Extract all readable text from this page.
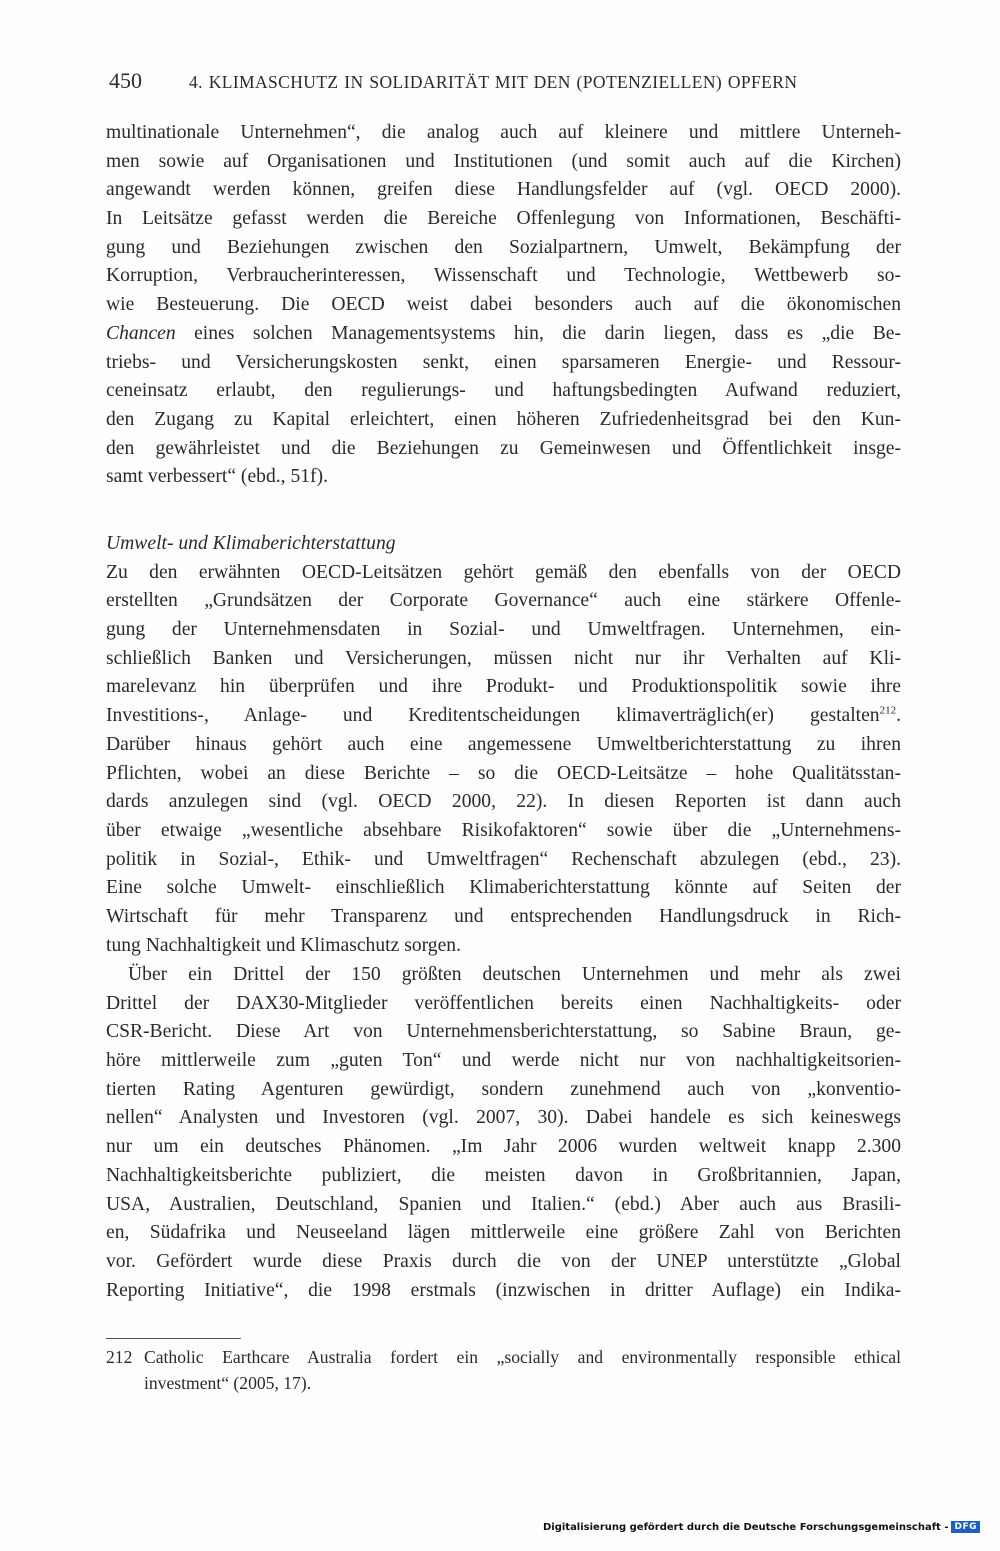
450	4. KLIMASCHUTZ IN SOLIDARITÄT MIT DEN (POTENZIELLEN) OPFERN
multinationale Unternehmen“, die analog auch auf kleinere und mittlere Unterneh-
men sowie auf Organisationen und Institutionen (und somit auch auf die Kirchen)
angewandt werden können, greifen diese Handlungsfelder auf (vgl. OECD 2000).
In Leitsätze gefasst werden die Bereiche Offenlegung von Informationen, Beschäfti-
gung und Beziehungen zwischen den Sozialpartnern, Umwelt, Bekämpfung der
Korruption, Verbraucherinteressen, Wissenschaft und Technologie, Wettbewerb so-
wie Besteuerung. Die OECD weist dabei besonders auch auf die ökonomischen
Chancen eines solchen Managementsystems hin, die darin liegen, dass es „die Be-
triebs- und Versicherungskosten senkt, einen sparsameren Energie- und Ressour-
ceneinsatz erlaubt, den regulierungs- und haftungsbedingten Aufwand reduziert,
den Zugang zu Kapital erleichtert, einen höheren Zufriedenheitsgrad bei den Kun-
den gewährleistet und die Beziehungen zu Gemeinwesen und Öffentlichkeit insge-
samt verbessert“ (ebd., 51f).
Umwelt- und Klimaberichterstattung
Zu den erwähnten OECD-Leitsätzen gehört gemäß den ebenfalls von der OECD
erstellten „Grundsätzen der Corporate Governance“ auch eine stärkere Offenle-
gung der Unternehmensdaten in Sozial- und Umweltfragen. Unternehmen, ein-
schließlich Banken und Versicherungen, müssen nicht nur ihr Verhalten auf Kli-
marelevanz hin überprüfen und ihre Produkt- und Produktionspolitik sowie ihre
Investitions-, Anlage- und Kreditentscheidungen klimaverträglich(er) gestalten$^{212}$.
Darüber hinaus gehört auch eine angemessene Umweltberichterstattung zu ihren
Pflichten, wobei an diese Berichte – so die OECD-Leitsätze – hohe Qualitätsstan-
dards anzulegen sind (vgl. OECD 2000, 22). In diesen Reporten ist dann auch
über etwaige „wesentliche absehbare Risikofaktoren“ sowie über die „Unternehmens-
politik in Sozial-, Ethik- und Umweltfragen“ Rechenschaft abzulegen (ebd., 23).
Eine solche Umwelt- einschließlich Klimaberichterstattung könnte auf Seiten der
Wirtschaft für mehr Transparenz und entsprechenden Handlungsdruck in Rich-
tung Nachhaltigkeit und Klimaschutz sorgen.
Über ein Drittel der 150 größten deutschen Unternehmen und mehr als zwei
Drittel der DAX30-Mitglieder veröffentlichen bereits einen Nachhaltigkeits- oder
CSR-Bericht. Diese Art von Unternehmensberichterstattung, so Sabine Braun, ge-
höre mittlerweile zum „guten Ton“ und werde nicht nur von nachhaltigkeitsorien-
tierten Rating Agenturen gewürdigt, sondern zunehmend auch von „konventio-
nellen“ Analysten und Investoren (vgl. 2007, 30). Dabei handele es sich keineswegs
nur um ein deutsches Phänomen. „Im Jahr 2006 wurden weltweit knapp 2.300
Nachhaltigkeitsberichte publiziert, die meisten davon in Großbritannien, Japan,
USA, Australien, Deutschland, Spanien und Italien.“ (ebd.) Aber auch aus Brasili-
en, Südafrika und Neuseeland lägen mittlerweile eine größere Zahl von Berichten
vor. Gefördert wurde diese Praxis durch die von der UNEP unterstützte „Global
Reporting Initiative“, die 1998 erstmals (inzwischen in dritter Auflage) ein Indika-
212 Catholic Earthcare Australia fordert ein „socially and environmentally responsible ethical
investment“ (2005, 17).
Digitalisierung gefördert durch die Deutsche Forschungsgemeinschaft - DFG
